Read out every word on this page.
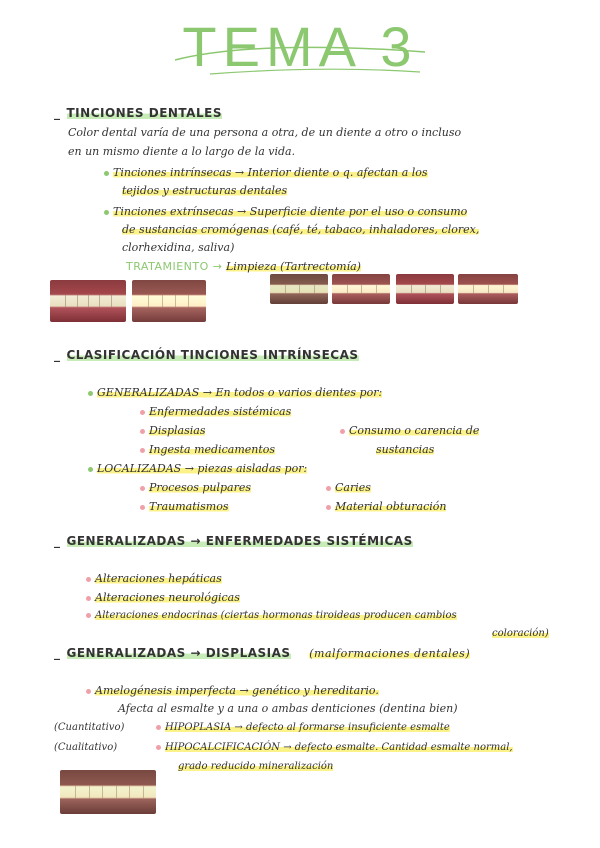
TEMA 3
_ TINCIONES DENTALES
Color dental varía de una persona a otra, de un diente a otro o incluso
en un mismo diente a lo largo de la vida.
Tinciones intrínsecas → Interior diente o q. afectan a los
tejidos y estructuras dentales
Tinciones extrínsecas → Superficie diente por el uso o consumo
de sustancias cromógenas (café, té, tabaco, inhaladores, clorex,
clorhexidina, saliva)
TRATAMIENTO → Limpieza (Tartrectomía)
_ CLASIFICACIÓN TINCIONES INTRÍNSECAS
GENERALIZADAS → En todos o varios dientes por:
Enfermedades sistémicas
Displasias
Ingesta medicamentos
Consumo o carencia de
sustancias
LOCALIZADAS → piezas aisladas por:
Procesos pulpares
Traumatismos
Caries
Material obturación
_ GENERALIZADAS → ENFERMEDADES SISTÉMICAS
Alteraciones hepáticas
Alteraciones neurológicas
Alteraciones endocrinas (ciertas hormonas tiroideas producen cambios
coloración)
_ GENERALIZADAS → DISPLASIAS (malformaciones dentales)
Amelogénesis imperfecta → genético y hereditario.
Afecta al esmalte y a una o ambas denticiones (dentina bien)
(Cuantitativo)	HIPOPLASIA → defecto al formarse insuficiente esmalte
(Cualitativo)	HIPOCALCIFICACIÓN → defecto esmalte. Cantidad esmalte normal,
grado reducido mineralización
